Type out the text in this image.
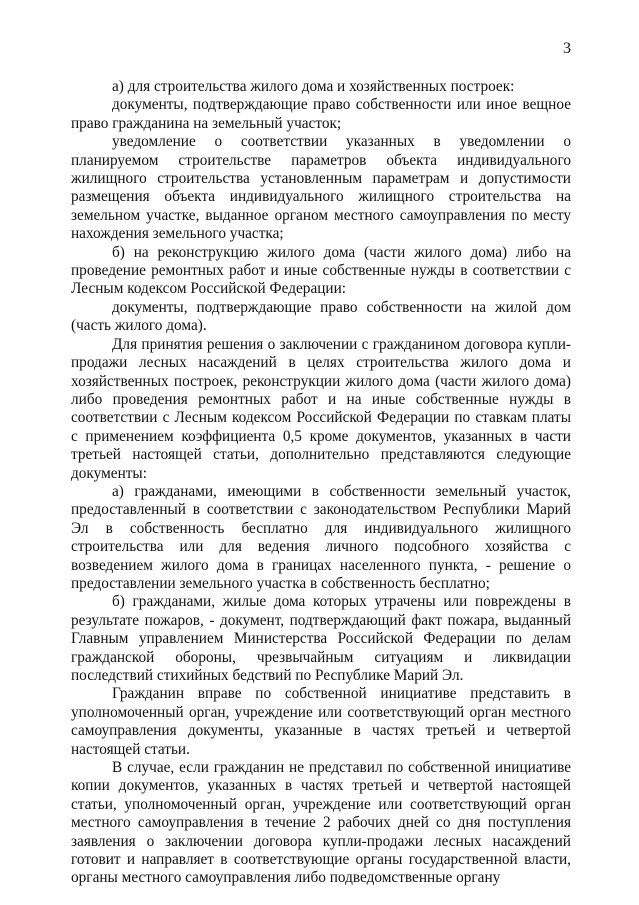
3

а) для строительства жилого дома и хозяйственных построек:

документы, подтверждающие право собственности или иное вещное право гражданина на земельный участок;

уведомление о соответствии указанных в уведомлении о планируемом строительстве параметров объекта индивидуального жилищного строительства установленным параметрам и допустимости размещения объекта индивидуального жилищного строительства на земельном участке, выданное органом местного самоуправления по месту нахождения земельного участка;

б) на реконструкцию жилого дома (части жилого дома) либо на проведение ремонтных работ и иные собственные нужды в соответствии с Лесным кодексом Российской Федерации:

документы, подтверждающие право собственности на жилой дом (часть жилого дома).

Для принятия решения о заключении с гражданином договора купли-продажи лесных насаждений в целях строительства жилого дома и хозяйственных построек, реконструкции жилого дома (части жилого дома) либо проведения ремонтных работ и на иные собственные нужды в соответствии с Лесным кодексом Российской Федерации по ставкам платы с применением коэффициента 0,5 кроме документов, указанных в части третьей настоящей статьи, дополнительно представляются следующие документы:

а) гражданами, имеющими в собственности земельный участок, предоставленный в соответствии с законодательством Республики Марий Эл в собственность бесплатно для индивидуального жилищного строительства или для ведения личного подсобного хозяйства с возведением жилого дома в границах населенного пункта, - решение о предоставлении земельного участка в собственность бесплатно;

б) гражданами, жилые дома которых утрачены или повреждены в результате пожаров, - документ, подтверждающий факт пожара, выданный Главным управлением Министерства Российской Федерации по делам гражданской обороны, чрезвычайным ситуациям и ликвидации последствий стихийных бедствий по Республике Марий Эл.

Гражданин вправе по собственной инициативе представить в уполномоченный орган, учреждение или соответствующий орган местного самоуправления документы, указанные в частях третьей и четвертой настоящей статьи.

В случае, если гражданин не представил по собственной инициативе копии документов, указанных в частях третьей и четвертой настоящей статьи, уполномоченный орган, учреждение или соответствующий орган местного самоуправления в течение 2 рабочих дней со дня поступления заявления о заключении договора купли-продажи лесных насаждений готовит и направляет в соответствующие органы государственной власти, органы местного самоуправления либо подведомственные органу
